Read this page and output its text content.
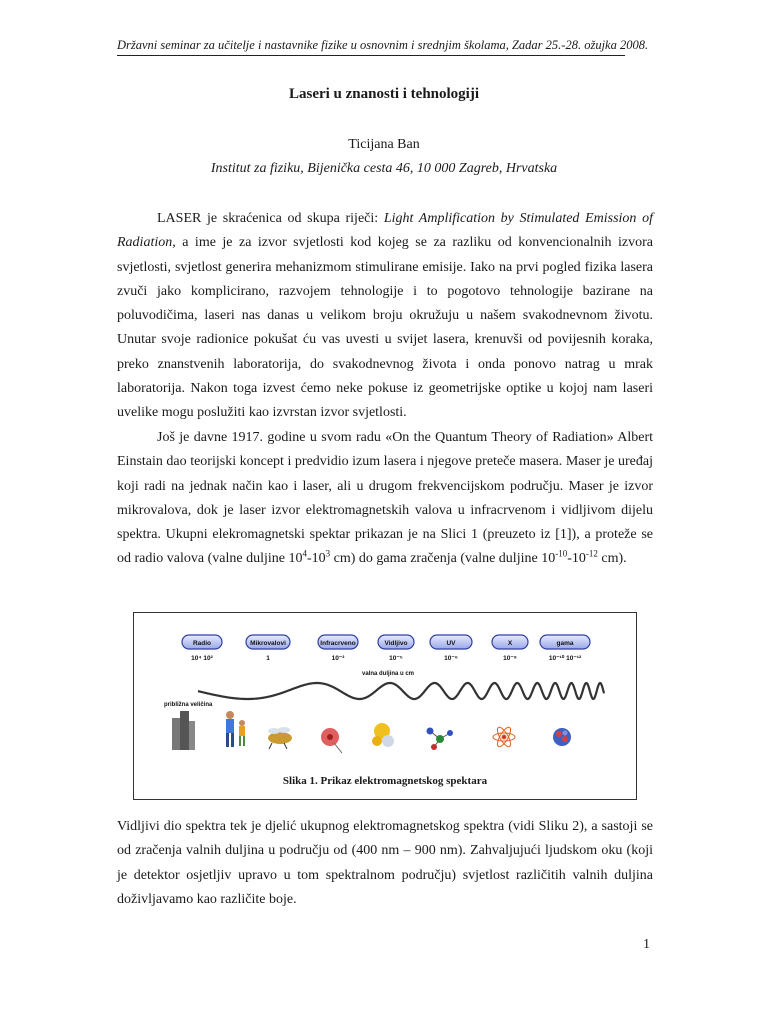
Državni seminar za učitelje i nastavnike fizike u osnovnim i srednjim školama, Zadar 25.-28. ožujka 2008.
Laseri u znanosti i tehnologiji
Ticijana Ban
Institut za fiziku, Bijenička cesta 46, 10 000 Zagreb, Hrvatska

LASER je skraćenica od skupa riječi: Light Amplification by Stimulated Emission of Radiation, a ime je za izvor svjetlosti kod kojeg se za razliku od konvencionalnih izvora svjetlosti, svjetlost generira mehanizmom stimulirane emisije. Iako na prvi pogled fizika lasera zvuči jako komplicirano, razvojem tehnologije i to pogotovo tehnologije bazirane na poluvodičima, laseri nas danas u velikom broju okružuju u našem svakodnevnom životu. Unutar svoje radionice pokušat ću vas uvesti u svijet lasera, krenuvši od povijesnih koraka, preko znanstvenih laboratorija, do svakodnevnog života i onda ponovo natrag u mrak laboratorija. Nakon toga izvest ćemo neke pokuse iz geometrijske optike u kojoj nam laseri uvelike mogu poslužiti kao izvrstan izvor svjetlosti.

Još je davne 1917. godine u svom radu «On the Quantum Theory of Radiation» Albert Einstain dao teorijski koncept i predvidio izum lasera i njegove preteče masera. Maser je uređaj koji radi na jednak način kao i laser, ali u drugom frekvencijskom području. Maser je izvor mikrovalova, dok je laser izvor elektromagnetskih valova u infracrvenom i vidljivom dijelu spektra. Ukupni elekromagnetski spektar prikazan je na Slici 1 (preuzeto iz [1]), a proteže se od radio valova (valne duljine $10^4-10^3$ cm) do gama zračenja (valne duljine $10^{-10}-10^{-12}$ cm).

Radio
10⁴ 10²
Mikrovalovi
1
Infracrveno
10⁻²
Vidljivo
10⁻⁵
UV
10⁻⁶
X
10⁻⁸
gama
10⁻¹⁰ 10⁻¹²
valna duljina u cm
približna veličina
Slika 1. Prikaz elektromagnetskog spektara

Vidljivi dio spektra tek je djelić ukupnog elektromagnetskog spektra (vidi Sliku 2), a sastoji se od zračenja valnih duljina u području od (400 nm – 900 nm). Zahvaljujući ljudskom oku (koji je detektor osjetljiv upravo u tom spektralnom području) svjetlost različitih valnih duljina doživljavamo kao različite boje.

1
